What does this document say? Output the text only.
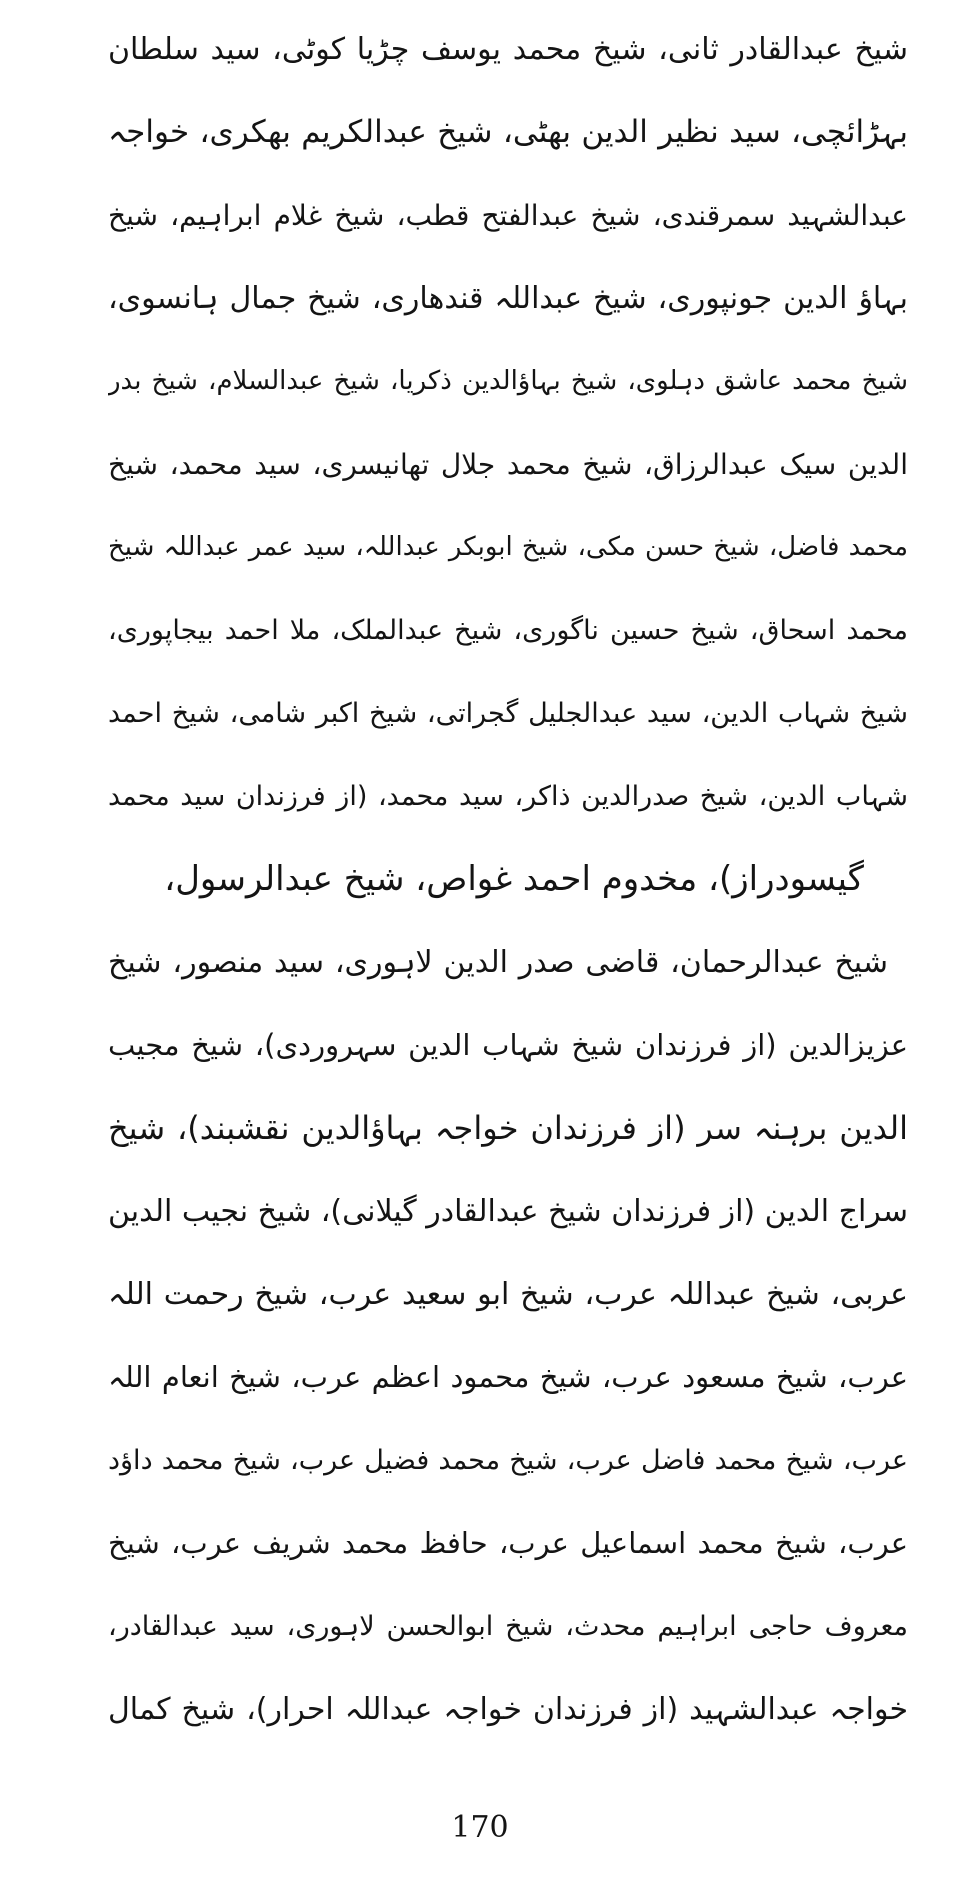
شیخ عبدالقادر ثانی، شیخ محمد یوسف چڑیا کوٹی، سید سلطان
بہڑائچی، سید نظیر الدین بھٹی، شیخ عبدالکریم بھکری، خواجہ
عبدالشہید سمرقندی، شیخ عبدالفتح قطب، شیخ غلام ابراہیم، شیخ
بہاؤ الدین جونپوری، شیخ عبداللہ قندھاری، شیخ جمال ہانسوی،
شیخ محمد عاشق دہلوی، شیخ بہاؤالدین ذکریا، شیخ عبدالسلام، شیخ بدر
الدین سیک عبدالرزاق، شیخ محمد جلال تھانیسری، سید محمد، شیخ
محمد فاضل، شیخ حسن مکی، شیخ ابوبکر عبداللہ، سید عمر عبداللہ شیخ
محمد اسحاق، شیخ حسین ناگوری، شیخ عبدالملک، ملا احمد بیجاپوری،
شیخ شہاب الدین، سید عبدالجلیل گجراتی، شیخ اکبر شامی، شیخ احمد
شہاب الدین، شیخ صدرالدین ذاکر، سید محمد، (از فرزندان سید محمد
گیسودراز)، مخدوم احمد غواص، شیخ عبدالرسول،
شیخ عبدالرحمان، قاضی صدر الدین لاہوری، سید منصور، شیخ
عزیزالدین (از فرزندان شیخ شہاب الدین سہروردی)، شیخ مجیب
الدین برہنہ سر (از فرزندان خواجہ بہاؤالدین نقشبند)، شیخ
سراج الدین (از فرزندان شیخ عبدالقادر گیلانی)، شیخ نجیب الدین
عربی، شیخ عبداللہ عرب، شیخ ابو سعید عرب، شیخ رحمت اللہ
عرب، شیخ مسعود عرب، شیخ محمود اعظم عرب، شیخ انعام اللہ
عرب، شیخ محمد فاضل عرب، شیخ محمد فضیل عرب، شیخ محمد داؤد
عرب، شیخ محمد اسماعیل عرب، حافظ محمد شریف عرب، شیخ
معروف حاجی ابراہیم محدث، شیخ ابوالحسن لاہوری، سید عبدالقادر،
خواجہ عبدالشہید (از فرزندان خواجہ عبداللہ احرار)، شیخ کمال
170
